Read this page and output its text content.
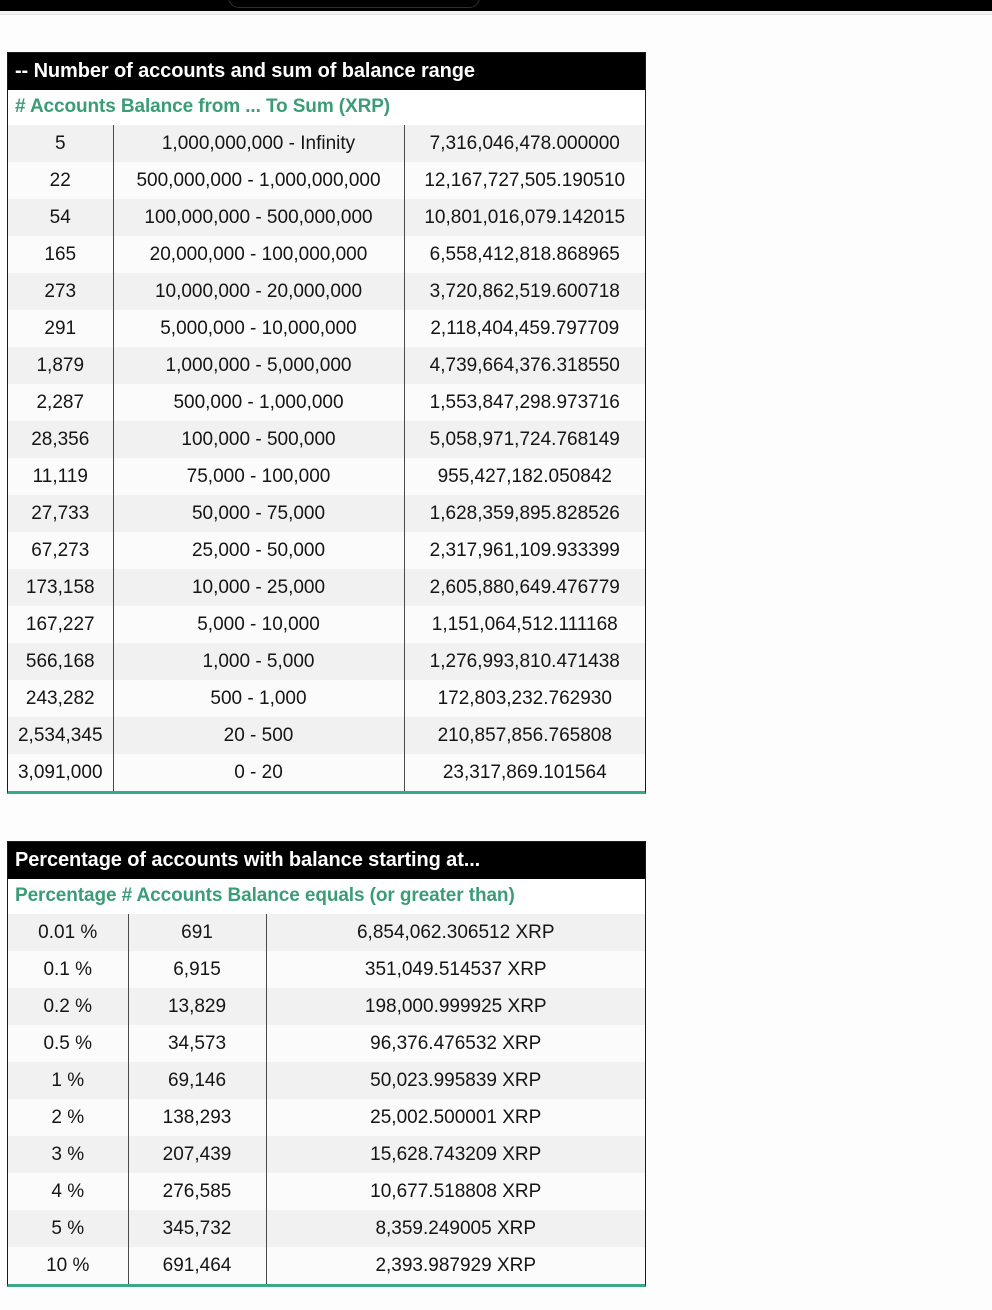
-- Number of accounts and sum of balance range
# Accounts Balance from ... To Sum (XRP)
5	1,000,000,000 - Infinity	7,316,046,478.000000
22	500,000,000 - 1,000,000,000	12,167,727,505.190510
54	100,000,000 - 500,000,000	10,801,016,079.142015
165	20,000,000 - 100,000,000	6,558,412,818.868965
273	10,000,000 - 20,000,000	3,720,862,519.600718
291	5,000,000 - 10,000,000	2,118,404,459.797709
1,879	1,000,000 - 5,000,000	4,739,664,376.318550
2,287	500,000 - 1,000,000	1,553,847,298.973716
28,356	100,000 - 500,000	5,058,971,724.768149
11,119	75,000 - 100,000	955,427,182.050842
27,733	50,000 - 75,000	1,628,359,895.828526
67,273	25,000 - 50,000	2,317,961,109.933399
173,158	10,000 - 25,000	2,605,880,649.476779
167,227	5,000 - 10,000	1,151,064,512.111168
566,168	1,000 - 5,000	1,276,993,810.471438
243,282	500 - 1,000	172,803,232.762930
2,534,345	20 - 500	210,857,856.765808
3,091,000	0 - 20	23,317,869.101564
Percentage of accounts with balance starting at...
Percentage # Accounts Balance equals (or greater than)
0.01 %	691	6,854,062.306512 XRP
0.1 %	6,915	351,049.514537 XRP
0.2 %	13,829	198,000.999925 XRP
0.5 %	34,573	96,376.476532 XRP
1 %	69,146	50,023.995839 XRP
2 %	138,293	25,002.500001 XRP
3 %	207,439	15,628.743209 XRP
4 %	276,585	10,677.518808 XRP
5 %	345,732	8,359.249005 XRP
10 %	691,464	2,393.987929 XRP
